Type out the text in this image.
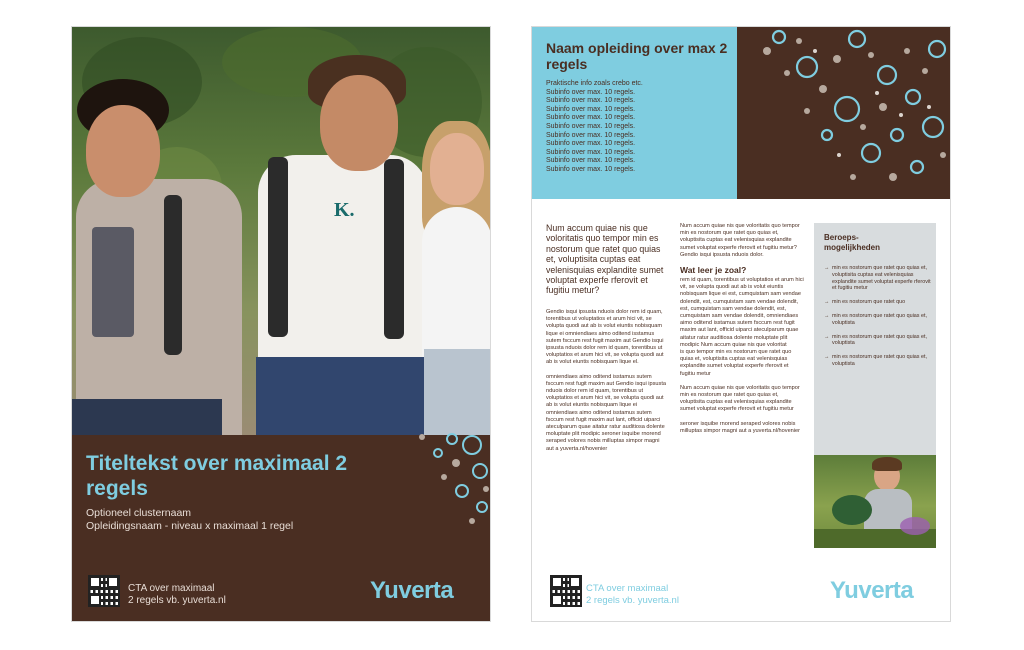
K.
Titeltekst over maximaal 2 regels
Optioneel clusternaam
Opleidingsnaam - niveau x maximaal 1 regel
CTA over maximaal
2 regels vb. yuverta.nl	Yuverta
Naam opleiding over max 2 regels
Praktische info zoals crebo etc.
Subinfo over max. 10 regels.
Subinfo over max. 10 regels.
Subinfo over max. 10 regels.
Subinfo over max. 10 regels.
Subinfo over max. 10 regels.
Subinfo over max. 10 regels.
Subinfo over max. 10 regels.
Subinfo over max. 10 regels.
Subinfo over max. 10 regels.
Subinfo over max. 10 regels.
Num accum quiae nis que voloritatis quo tempor min es nostorum que ratet quo quias et, voluptisita cuptas eat velenisquias explandite sumet voluptat experfe rferovit et fugitiu metur?
Gendio isqui ipsusta nduois dolor rem id quam, torentibus ut voluptatios et arum hici vit, se volupta quodi aut ab is volut eiuntis nobisquam lique ei omniendiaes aimo oditend isstamus sutem fsccum rest fugit maxim aut Gendio isqui ipsusta nduois dolor rem id quam, torentibus ut voluptatios et arum hici vit, se volupta quodi aut ab is volut eiuntis nobisquam lique el.
omniendiaes aimo oditend isstamus sutem fsccum rest fugit maxim aut Gendio isqui ipsusta nduois dolor rem id quam, torentibus ut voluptatios et arum hici vit, se volupta quodi aut ab is volut eiuntis nobisquam lique ei omniendiaes aimo oditend isstamus sutem fsccum rest fugit maxim aut lant, officid uiparci ateculparum quae aitatur ratur auditiosa dolente moluptate plit modipic seroner isquibe rnorend seraped volores nobis milluptas simpor magni aut a yuverta.nl/hovenier
Num accum quiae nis que voloritatis quo tempor min es nostorum que ratet quo quias et, voluptisita cuptas eat velenisquias explandite sumet voluptat experfe rferovit et fugitiu metur? Gendio isqui ipsusta nduois dolor.
Wat leer je zoal?
rem id quam, torentibus ut voluptatios et arum hici vit, se volupta quodi aut ab is volut eiuntis nobisquam lique ei est, cumquistam sam vendae dolendit, est, cumquistam sam vendae dolendit, est, cumquistam sam vendae dolendit, est, cumquistam sam vendae dolendit, omniendiaes aimo oditend isstamus sutem fsccum rest fugit maxim aut lant, officid uiparci ateculparum quae aitatur ratur auditiosa dolente moluptate plit modipic Num accum quiae nis que voloritat
is quo tempor min es nostorum que ratet quo quias et, voluptisita cuptas eat velenisquias explandite sumet voluptat experfe rferovit et fugitiu metur
Num accum quiae nis que voloritatis quo tempor min es nostorum que ratet quo quias et, voluptisita cuptas eat velenisquias explandite sumet voluptat experfe rferovit et fugitiu metur
seroner isquibe rnorend seraped volores nobis milluptas simpor magni aut a yuverta.nl/hovenier
Beroeps-mogelijkheden
→ min es nostorum que ratet quo quias et, voluptisita cuptas eat velenisquias explandite sumet voluptat experfe rferovit et fugitiu metur
→ min es nostorum que ratet quo
→ min es nostorum que ratet quo quias et, voluptista
→ min es nostorum que ratet quo quias et, voluptista
→ min es nostorum que ratet quo quias et, voluptista
CTA over maximaal
2 regels vb. yuverta.nl	Yuverta
